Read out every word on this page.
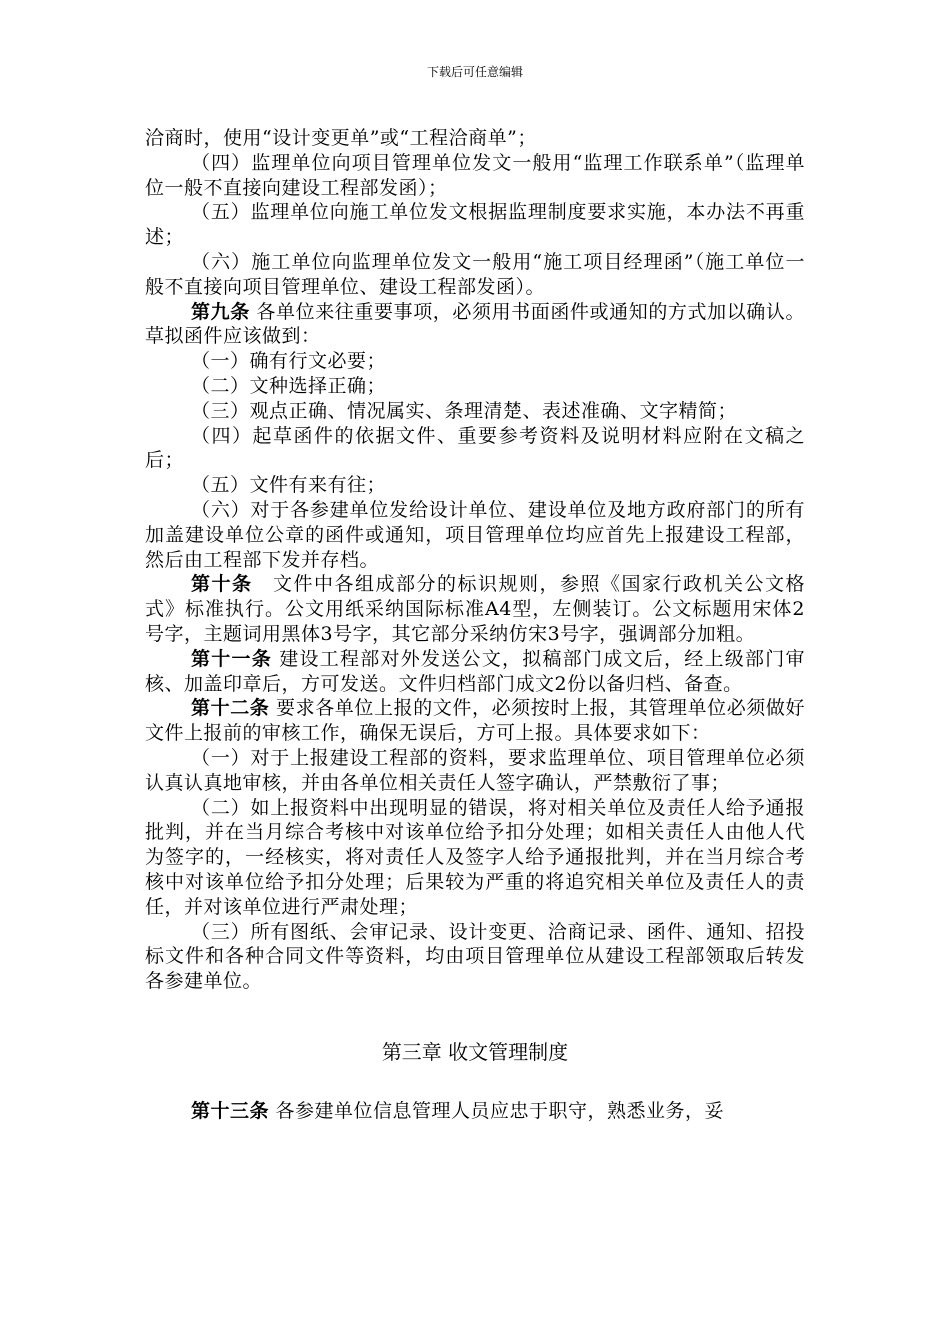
下载后可任意编辑

洽商时，使用“设计变更单”或“工程洽商单”；

（四）监理单位向项目管理单位发文一般用“监理工作联系单”（监理单位一般不直接向建设工程部发函）；

（五）监理单位向施工单位发文根据监理制度要求实施，本办法不再重述；

（六）施工单位向监理单位发文一般用“施工项目经理函”（施工单位一般不直接向项目管理单位、建设工程部发函）。

第九条 各单位来往重要事项，必须用书面函件或通知的方式加以确认。草拟函件应该做到：

（一）确有行文必要；

（二）文种选择正确；

（三）观点正确、情况属实、条理清楚、表述准确、文字精简；

（四）起草函件的依据文件、重要参考资料及说明材料应附在文稿之后；

（五）文件有来有往；

（六）对于各参建单位发给设计单位、建设单位及地方政府部门的所有加盖建设单位公章的函件或通知，项目管理单位均应首先上报建设工程部，然后由工程部下发并存档。

第十条　文件中各组成部分的标识规则，参照《国家行政机关公文格式》标准执行。公文用纸采纳国际标准A4型，左侧装订。公文标题用宋体2号字，主题词用黑体3号字，其它部分采纳仿宋3号字，强调部分加粗。

第十一条 建设工程部对外发送公文，拟稿部门成文后，经上级部门审核、加盖印章后，方可发送。文件归档部门成文2份以备归档、备查。

第十二条 要求各单位上报的文件，必须按时上报，其管理单位必须做好文件上报前的审核工作，确保无误后，方可上报。具体要求如下：

（一）对于上报建设工程部的资料，要求监理单位、项目管理单位必须认真认真地审核，并由各单位相关责任人签字确认，严禁敷衍了事；

（二）如上报资料中出现明显的错误，将对相关单位及责任人给予通报批判，并在当月综合考核中对该单位给予扣分处理；如相关责任人由他人代为签字的，一经核实，将对责任人及签字人给予通报批判，并在当月综合考核中对该单位给予扣分处理；后果较为严重的将追究相关单位及责任人的责任，并对该单位进行严肃处理；

（三）所有图纸、会审记录、设计变更、洽商记录、函件、通知、招投标文件和各种合同文件等资料，均由项目管理单位从建设工程部领取后转发各参建单位。

第三章 收文管理制度

第十三条 各参建单位信息管理人员应忠于职守，熟悉业务，妥
